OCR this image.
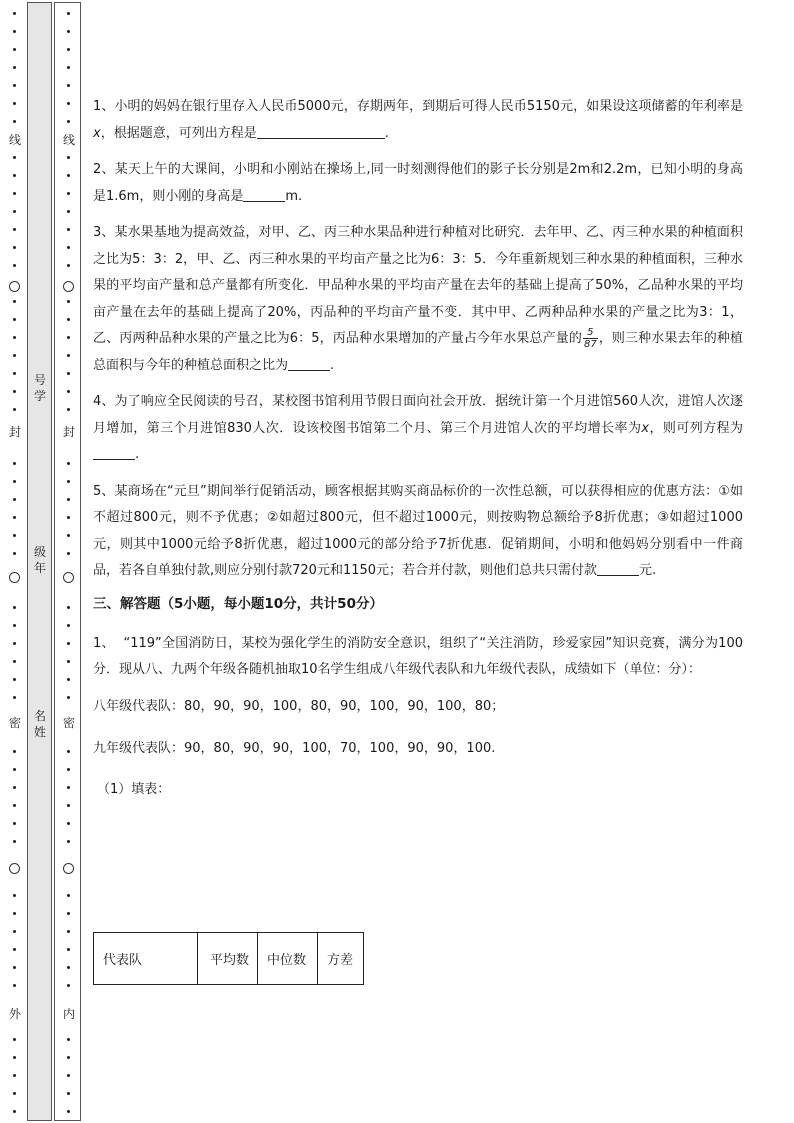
号学
级年
名姓
线
封
密
外
线
封
密
内

1、小明的妈妈在银行里存入人民币5000元，存期两年，到期后可得人民币5150元，如果设这项储蓄的年利率是x，根据题意，可列出方程是	.

2、某天上午的大课间，小明和小刚站在操场上,同一时刻测得他们的影子长分别是2m和2.2m，已知小明的身高是1.6m，则小刚的身高是	m.

3、某水果基地为提高效益，对甲、乙、丙三种水果品种进行种植对比研究．去年甲、乙、丙三种水果的种植面积之比为5：3：2，甲、乙、丙三种水果的平均亩产量之比为6：3：5．今年重新规划三种水果的种植面积，三种水果的平均亩产量和总产量都有所变化．甲品种水果的平均亩产量在去年的基础上提高了50%，乙品种水果的平均亩产量在去年的基础上提高了20%，丙品种的平均亩产量不变．其中甲、乙两种品种水果的产量之比为3：1，乙、丙两种品种水果的产量之比为6：5，丙品种水果增加的产量占今年水果总产量的 $\frac{5}{87}$ ，则三种水果去年的种植总面积与今年的种植总面积之比为	.

4、为了响应全民阅读的号召，某校图书馆利用节假日面向社会开放．据统计第一个月进馆560人次，进馆人次逐月增加，第三个月进馆830人次．设该校图书馆第二个月、第三个月进馆人次的平均增长率为x，则可列方程为.

5、某商场在“元旦”期间举行促销活动，顾客根据其购买商品标价的一次性总额，可以获得相应的优惠方法：①如不超过800元，则不予优惠；②如超过800元，但不超过1000元，则按购物总额给予8折优惠；③如超过1000元，则其中1000元给予8折优惠，超过1000元的部分给予7折优惠．促销期间，小明和他妈妈分别看中一件商品，若各自单独付款,则应分别付款720元和1150元；若合并付款，则他们总共只需付款	元.

三、解答题（5小题，每小题10分，共计50分）

1、 “119”全国消防日，某校为强化学生的消防安全意识，组织了“关注消防，珍爱家园”知识竞赛，满分为100分．现从八、九两个年级各随机抽取10名学生组成八年级代表队和九年级代表队，成绩如下（单位：分）：

八年级代表队：80，90，90，100，80，90，100，90，100，80；

九年级代表队：90，80，90，90，100，70，100，90，90，100.

（1）填表：

代表队	平均数	中位数	方差
